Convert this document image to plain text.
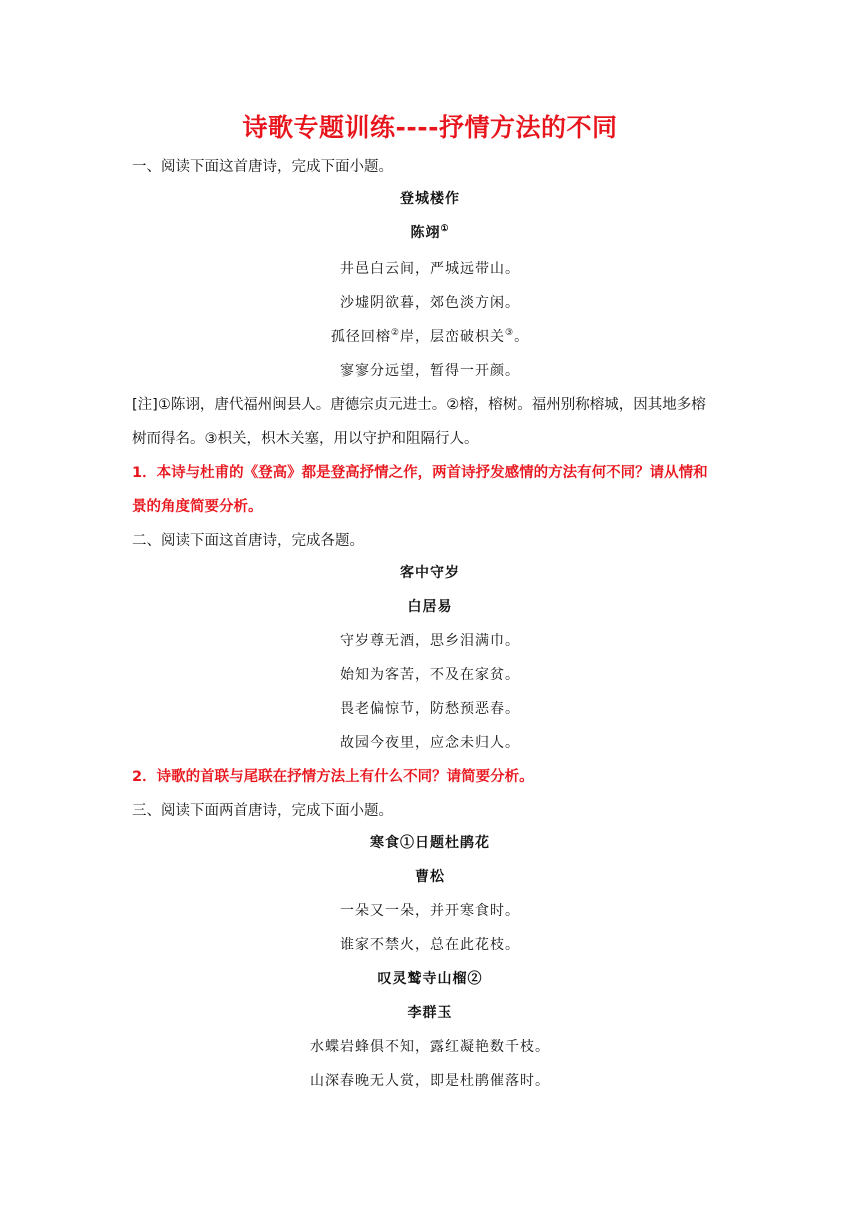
诗歌专题训练----抒情方法的不同
一、阅读下面这首唐诗，完成下面小题。
登城楼作
陈翊①
井邑白云间，严城远带山。
沙墟阴欲暮，郊色淡方闲。
孤径回榕②岸，层峦破枳关③。
寥寥分远望，暂得一开颜。
[注]①陈诩，唐代福州闽县人。唐德宗贞元进士。②榕，榕树。福州别称榕城，因其地多榕
树而得名。③枳关，枳木关塞，用以守护和阻隔行人。
1．本诗与杜甫的《登高》都是登高抒情之作，两首诗抒发感情的方法有何不同？请从情和
景的角度简要分析。
二、阅读下面这首唐诗，完成各题。
客中守岁
白居易
守岁尊无酒，思乡泪满巾。
始知为客苦，不及在家贫。
畏老偏惊节，防愁预恶春。
故园今夜里，应念未归人。
2．诗歌的首联与尾联在抒情方法上有什么不同？请简要分析。
三、阅读下面两首唐诗，完成下面小题。
寒食①日题杜鹃花
曹松
一朵又一朵，并开寒食时。
谁家不禁火，总在此花枝。
叹灵鹫寺山榴②
李群玉
水蝶岩蜂俱不知，露红凝艳数千枝。
山深春晚无人赏，即是杜鹃催落时。
